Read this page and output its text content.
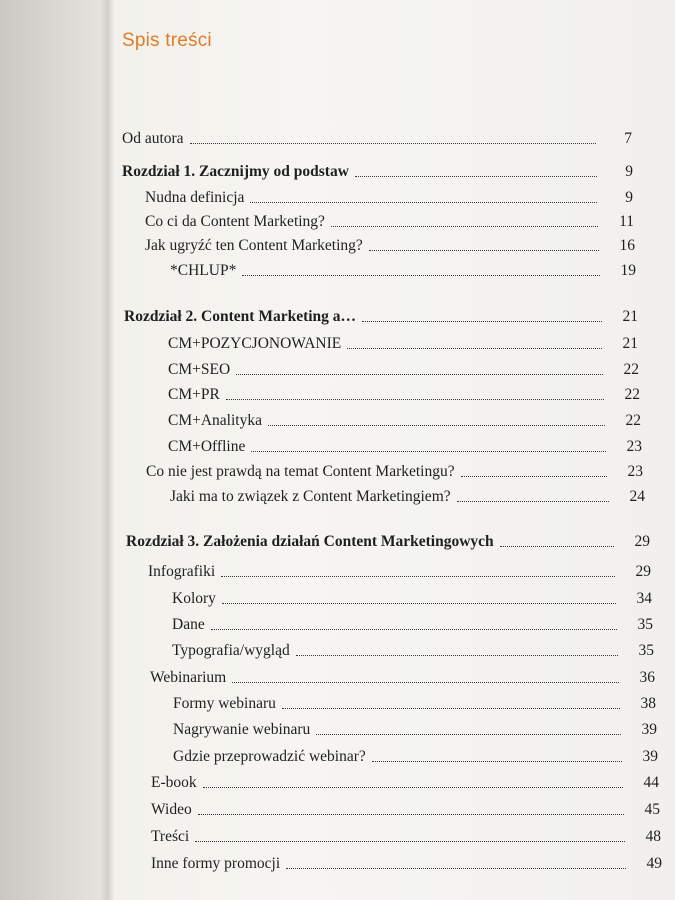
Spis treści
Od autora	7
Rozdział 1. Zacznijmy od podstaw	9
Nudna definicja	9
Co ci da Content Marketing?	11
Jak ugryźć ten Content Marketing?	16
*CHLUP*	19
Rozdział 2. Content Marketing a…	21
CM+POZYCJONOWANIE	21
CM+SEO	22
CM+PR	22
CM+Analityka	22
CM+Offline	23
Co nie jest prawdą na temat Content Marketingu?	23
Jaki ma to związek z Content Marketingiem?	24
Rozdział 3. Założenia działań Content Marketingowych	29
Infografiki	29
Kolory	34
Dane	35
Typografia/wygląd	35
Webinarium	36
Formy webinaru	38
Nagrywanie webinaru	39
Gdzie przeprowadzić webinar?	39
E-book	44
Wideo	45
Treści	48
Inne formy promocji	49
